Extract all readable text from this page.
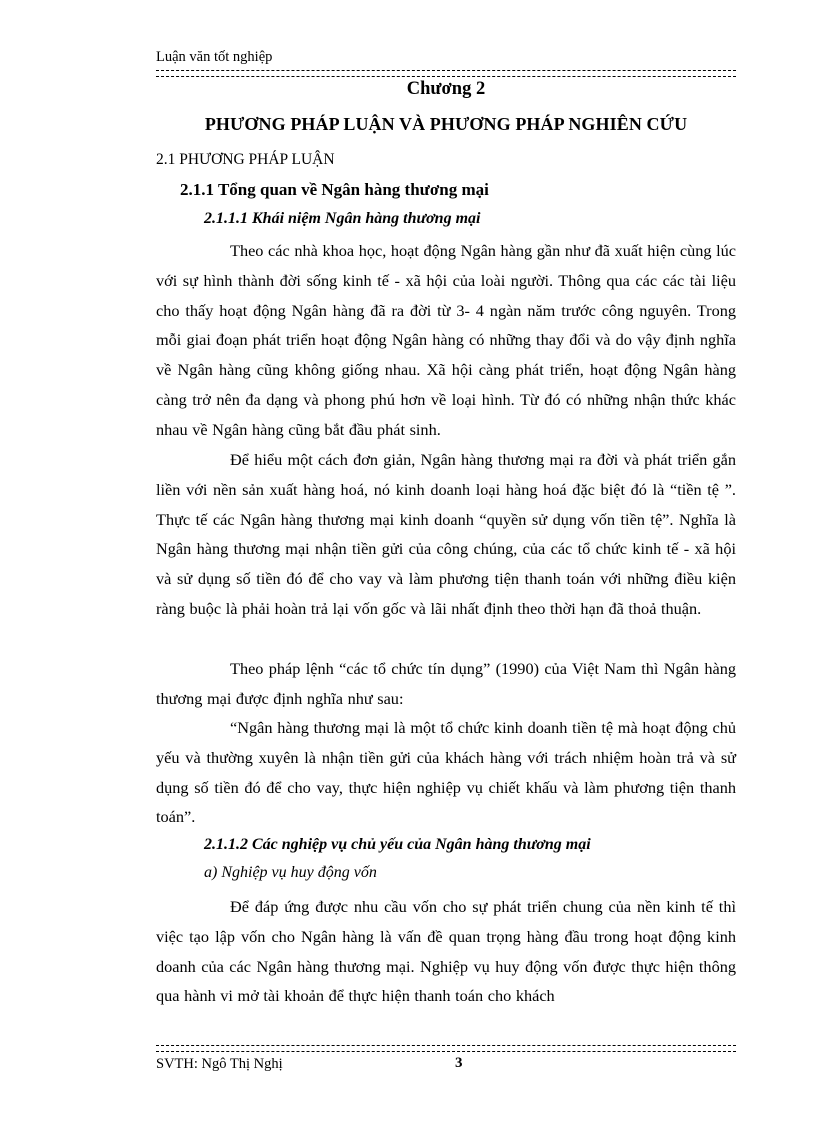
Luận văn tốt nghiệp
Chương 2
PHƯƠNG PHÁP LUẬN VÀ PHƯƠNG PHÁP NGHIÊN CỨU
2.1 PHƯƠNG PHÁP LUẬN
2.1.1 Tổng quan về Ngân hàng thương mại
2.1.1.1 Khái niệm Ngân hàng thương mại

Theo các nhà khoa học, hoạt động Ngân hàng gần như đã xuất hiện cùng lúc với sự hình thành đời sống kinh tế - xã hội của loài người. Thông qua các các tài liệu cho thấy hoạt động Ngân hàng đã ra đời từ 3- 4 ngàn năm trước công nguyên. Trong mỗi giai đoạn phát triển hoạt động Ngân hàng có những thay đổi và do vậy định nghĩa về Ngân hàng cũng không giống nhau. Xã hội càng phát triển, hoạt động Ngân hàng càng trở nên đa dạng và phong phú hơn về loại hình. Từ đó có những nhận thức khác nhau về Ngân hàng cũng bắt đầu phát sinh.

Để hiểu một cách đơn giản, Ngân hàng thương mại ra đời và phát triển gắn liền với nền sản xuất hàng hoá, nó kinh doanh loại hàng hoá đặc biệt đó là “tiền tệ ”. Thực tế các Ngân hàng thương mại kinh doanh “quyền sử dụng vốn tiền tệ”. Nghĩa là Ngân hàng thương mại nhận tiền gửi của công chúng, của các tổ chức kinh tế - xã hội và sử dụng số tiền đó để cho vay và làm phương tiện thanh toán với những điều kiện ràng buộc là phải hoàn trả lại vốn gốc và lãi nhất định theo thời hạn đã thoả thuận.

Theo pháp lệnh “các tổ chức tín dụng” (1990) của Việt Nam thì Ngân hàng thương mại được định nghĩa như sau:

“Ngân hàng thương mại là một tổ chức kinh doanh tiền tệ mà hoạt động chủ yếu và thường xuyên là nhận tiền gửi của khách hàng với trách nhiệm hoàn trả và sử dụng số tiền đó để cho vay, thực hiện nghiệp vụ chiết khấu và làm phương tiện thanh toán”.

2.1.1.2 Các nghiệp vụ chủ yếu của Ngân hàng thương mại
a) Nghiệp vụ huy động vốn

Để đáp ứng được nhu cầu vốn cho sự phát triển chung của nền kinh tế thì việc tạo lập vốn cho Ngân hàng là vấn đề quan trọng hàng đầu trong hoạt động kinh doanh của các Ngân hàng thương mại. Nghiệp vụ huy động vốn được thực hiện thông qua hành vi mở tài khoản để thực hiện thanh toán cho khách

SVTH: Ngô Thị Nghị	3
